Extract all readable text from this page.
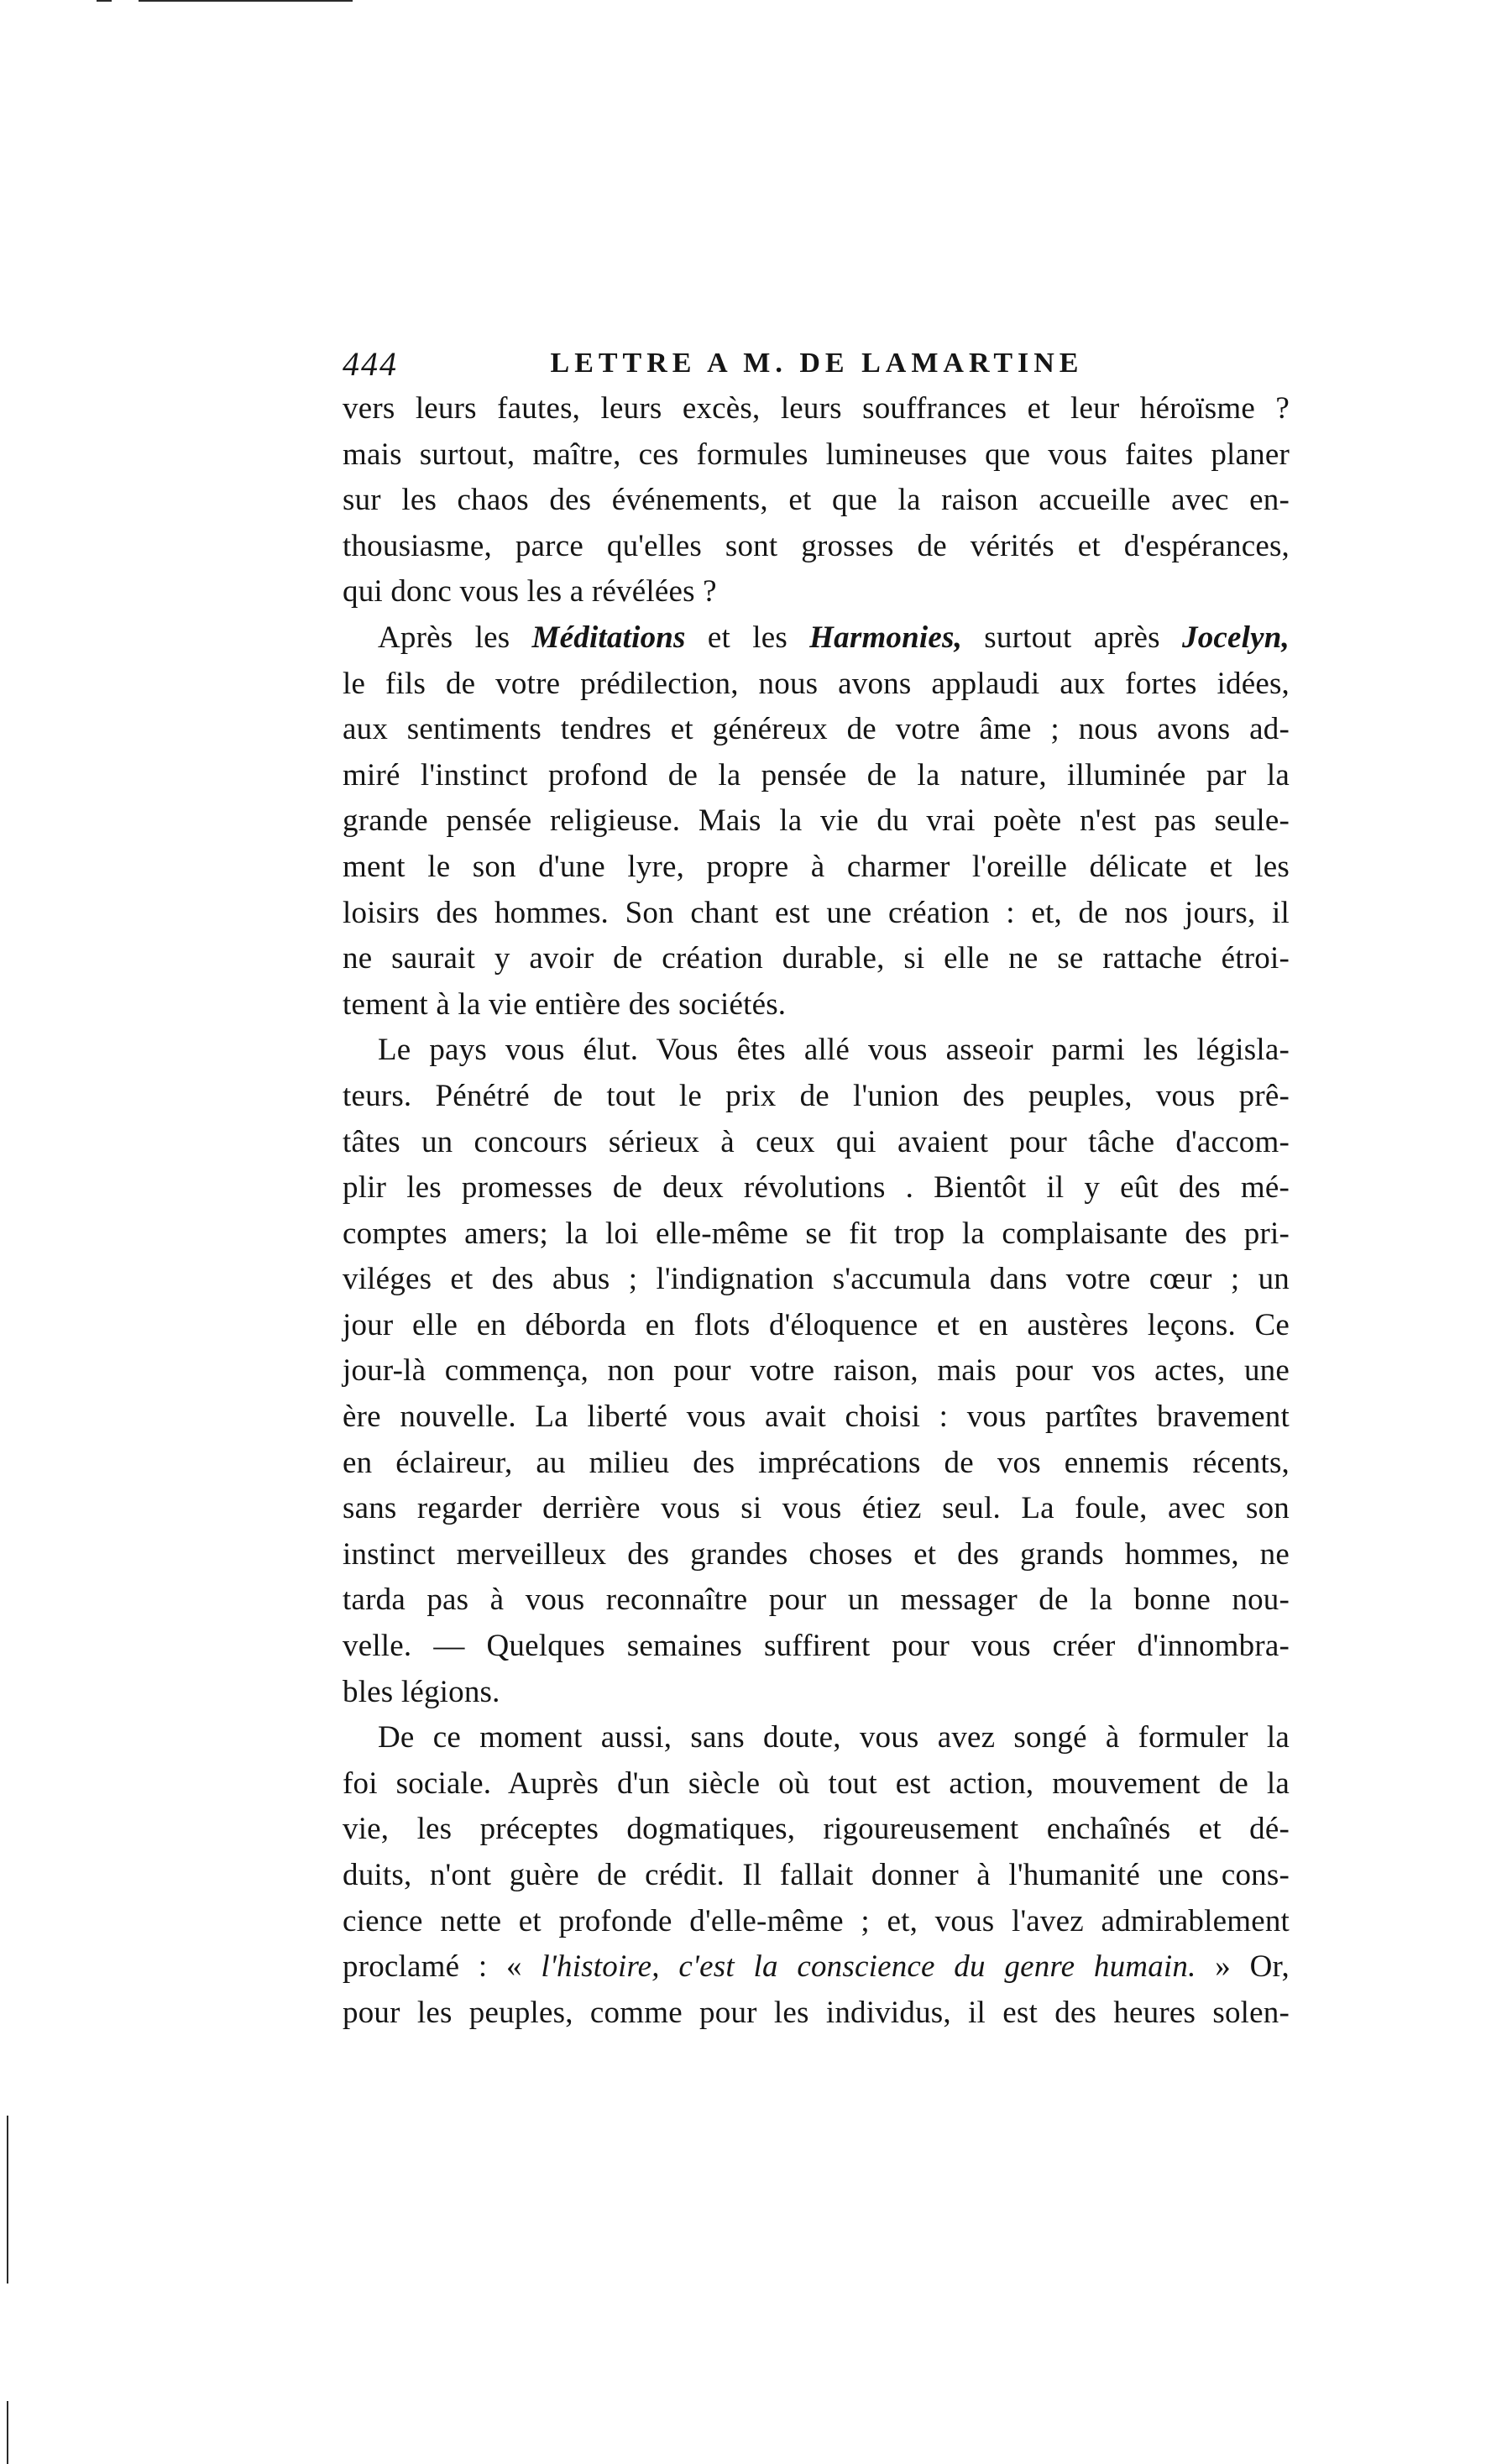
444	LETTRE A M. DE LAMARTINE
vers leurs fautes, leurs excès, leurs souffrances et leur héroïsme ?
mais surtout, maître, ces formules lumineuses que vous faites planer
sur les chaos des événements, et que la raison accueille avec en-
thousiasme, parce qu'elles sont grosses de vérités et d'espérances,
qui donc vous les a révélées ?
Après les Méditations et les Harmonies, surtout après Jocelyn,
le fils de votre prédilection, nous avons applaudi aux fortes idées,
aux sentiments tendres et généreux de votre âme ; nous avons ad-
miré l'instinct profond de la pensée de la nature, illuminée par la
grande pensée religieuse. Mais la vie du vrai poète n'est pas seule-
ment le son d'une lyre, propre à charmer l'oreille délicate et les
loisirs des hommes. Son chant est une création : et, de nos jours, il
ne saurait y avoir de création durable, si elle ne se rattache étroi-
tement à la vie entière des sociétés.
Le pays vous élut. Vous êtes allé vous asseoir parmi les législa-
teurs. Pénétré de tout le prix de l'union des peuples, vous prê-
tâtes un concours sérieux à ceux qui avaient pour tâche d'accom-
plir les promesses de deux révolutions . Bientôt il y eût des mé-
comptes amers; la loi elle-même se fit trop la complaisante des pri-
viléges et des abus ; l'indignation s'accumula dans votre cœur ; un
jour elle en déborda en flots d'éloquence et en austères leçons. Ce
jour-là commença, non pour votre raison, mais pour vos actes, une
ère nouvelle. La liberté vous avait choisi : vous partîtes bravement
en éclaireur, au milieu des imprécations de vos ennemis récents,
sans regarder derrière vous si vous étiez seul. La foule, avec son
instinct merveilleux des grandes choses et des grands hommes, ne
tarda pas à vous reconnaître pour un messager de la bonne nou-
velle. — Quelques semaines suffirent pour vous créer d'innombra-
bles légions.
De ce moment aussi, sans doute, vous avez songé à formuler la
foi sociale. Auprès d'un siècle où tout est action, mouvement de la
vie, les préceptes dogmatiques, rigoureusement enchaînés et dé-
duits, n'ont guère de crédit. Il fallait donner à l'humanité une cons-
cience nette et profonde d'elle-même ; et, vous l'avez admirablement
proclamé : « l'histoire, c'est la conscience du genre humain. » Or,
pour les peuples, comme pour les individus, il est des heures solen-
